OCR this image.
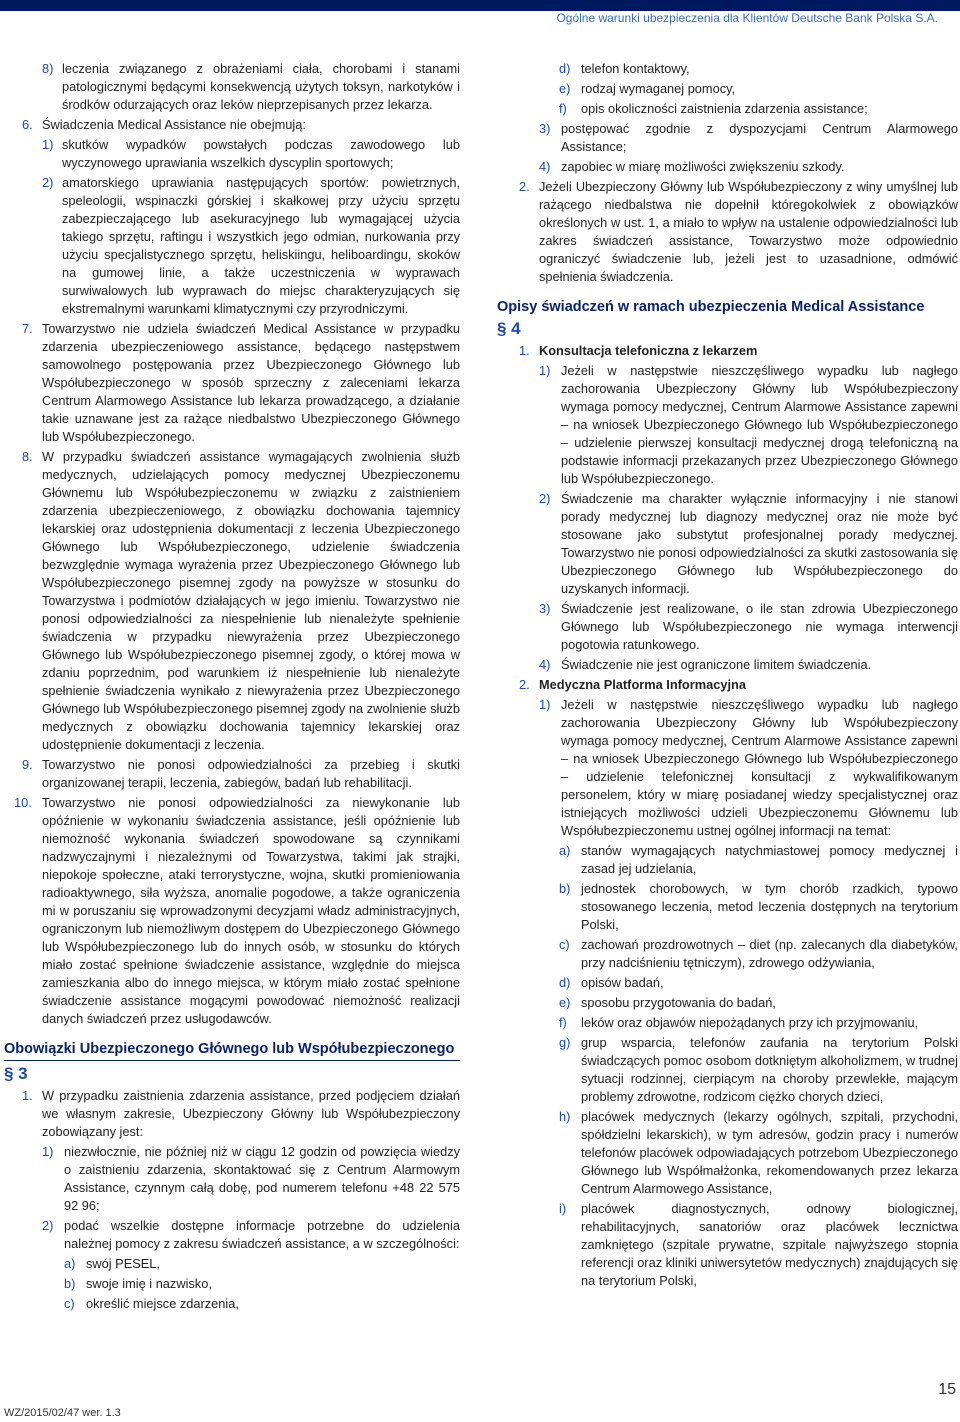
Ogólne warunki ubezpieczenia dla Klientów Deutsche Bank Polska S.A.
8) leczenia związanego z obrażeniami ciała, chorobami i stanami patologicznymi będącymi konsekwencją użytych toksyn, narkotyków i środków odurzających oraz leków nieprzepisanych przez lekarza.
6. Świadczenia Medical Assistance nie obejmują:
1) skutków wypadków powstałych podczas zawodowego lub wyczynowego uprawiania wszelkich dyscyplin sportowych;
2) amatorskiego uprawiania następujących sportów: powietrznych, speleologii, wspinaczki górskiej i skałkowej przy użyciu sprzętu zabezpieczającego lub asekuracyjnego lub wymagającej użycia takiego sprzętu, raftingu i wszystkich jego odmian, nurkowania przy użyciu specjalistycznego sprzętu, heliskiingu, heliboardingu, skoków na gumowej linie, a także uczestniczenia w wyprawach surwiwalowych lub wyprawach do miejsc charakteryzujących się ekstremalnymi warunkami klimatycznymi czy przyrodniczymi.
7. Towarzystwo nie udziela świadczeń Medical Assistance w przypadku zdarzenia ubezpieczeniowego assistance, będącego następstwem samowolnego postępowania przez Ubezpieczonego Głównego lub Współubezpieczonego w sposób sprzeczny z zaleceniami lekarza Centrum Alarmowego Assistance lub lekarza prowadzącego, a działanie takie uznawane jest za rażące niedbalstwo Ubezpieczonego Głównego lub Współubezpieczonego.
8. W przypadku świadczeń assistance wymagających zwolnienia służb medycznych, udzielających pomocy medycznej Ubezpieczonemu Głównemu lub Współubezpieczonemu w związku z zaistnieniem zdarzenia ubezpieczeniowego, z obowiązku dochowania tajemnicy lekarskiej oraz udostępnienia dokumentacji z leczenia Ubezpieczonego Głównego lub Współubezpieczonego, udzielenie świadczenia bezwzględnie wymaga wyrażenia przez Ubezpieczonego Głównego lub Współubezpieczonego pisemnej zgody na powyższe w stosunku do Towarzystwa i podmiotów działających w jego imieniu. Towarzystwo nie ponosi odpowiedzialności za niespełnienie lub nienależyte spełnienie świadczenia w przypadku niewyrażenia przez Ubezpieczonego Głównego lub Współubezpieczonego pisemnej zgody, o której mowa w zdaniu poprzednim, pod warunkiem iż niespełnienie lub nienależyte spełnienie świadczenia wynikało z niewyrażenia przez Ubezpieczonego Głównego lub Współubezpieczonego pisemnej zgody na zwolnienie służb medycznych z obowiązku dochowania tajemnicy lekarskiej oraz udostępnienie dokumentacji z leczenia.
9. Towarzystwo nie ponosi odpowiedzialności za przebieg i skutki organizowanej terapii, leczenia, zabiegów, badań lub rehabilitacji.
10. Towarzystwo nie ponosi odpowiedzialności za niewykonanie lub opóźnienie w wykonaniu świadczenia assistance, jeśli opóźnienie lub niemożność wykonania świadczeń spowodowane są czynnikami nadzwyczajnymi i niezależnymi od Towarzystwa, takimi jak strajki, niepokoje społeczne, ataki terrorystyczne, wojna, skutki promieniowania radioaktywnego, siła wyższa, anomalie pogodowe, a także ograniczenia mi w poruszaniu się wprowadzonymi decyzjami władz administracyjnych, ograniczonym lub niemożliwym dostępem do Ubezpieczonego Głównego lub Współubezpieczonego lub do innych osób, w stosunku do których miało zostać spełnione świadczenie assistance, względnie do miejsca zamieszkania albo do innego miejsca, w którym miało zostać spełnione świadczenie assistance mogącymi powodować niemożność realizacji danych świadczeń przez usługodawców.
Obowiązki Ubezpieczonego Głównego lub Współubezpieczonego
§ 3
1. W przypadku zaistnienia zdarzenia assistance, przed podjęciem działań we własnym zakresie, Ubezpieczony Główny lub Współubezpieczony zobowiązany jest:
1) niezwłocznie, nie później niż w ciągu 12 godzin od powzięcia wiedzy o zaistnieniu zdarzenia, skontaktować się z Centrum Alarmowym Assistance, czynnym całą dobę, pod numerem telefonu +48 22 575 92 96;
2) podać wszelkie dostępne informacje potrzebne do udzielenia należnej pomocy z zakresu świadczeń assistance, a w szczególności:
a) swój PESEL,
b) swoje imię i nazwisko,
c) określić miejsce zdarzenia,
d) telefon kontaktowy,
e) rodzaj wymaganej pomocy,
f)	opis okoliczności zaistnienia zdarzenia assistance;
3) postępować zgodnie z dyspozycjami Centrum Alarmowego Assistance;
4) zapobiec w miarę możliwości zwiększeniu szkody.
2. Jeżeli Ubezpieczony Główny lub Współubezpieczony z winy umyślnej lub rażącego niedbalstwa nie dopełnił któregokolwiek z obowiązków określonych w ust. 1, a miało to wpływ na ustalenie odpowiedzialności lub zakres świadczeń assistance, Towarzystwo może odpowiednio ograniczyć świadczenie lub, jeżeli jest to uzasadnione, odmówić spełnienia świadczenia.
Opisy świadczeń w ramach ubezpieczenia Medical Assistance
§ 4
1. Konsultacja telefoniczna z lekarzem
1) Jeżeli w następstwie nieszczęśliwego wypadku lub nagłego zachorowania Ubezpieczony Główny lub Współubezpieczony wymaga pomocy medycznej, Centrum Alarmowe Assistance zapewni – na wniosek Ubezpieczonego Głównego lub Współubezpieczonego – udzielenie pierwszej konsultacji medycznej drogą telefoniczną na podstawie informacji przekazanych przez Ubezpieczonego Głównego lub Współubezpieczonego.
2) Świadczenie ma charakter wyłącznie informacyjny i nie stanowi porady medycznej lub diagnozy medycznej oraz nie może być stosowane jako substytut profesjonalnej porady medycznej. Towarzystwo nie ponosi odpowiedzialności za skutki zastosowania się Ubezpieczonego Głównego lub Współubezpieczonego do uzyskanych informacji.
3) Świadczenie jest realizowane, o ile stan zdrowia Ubezpieczonego Głównego lub Współubezpieczonego nie wymaga interwencji pogotowia ratunkowego.
4) Świadczenie nie jest ograniczone limitem świadczenia.
2. Medyczna Platforma Informacyjna
1) Jeżeli w następstwie nieszczęśliwego wypadku lub nagłego zachorowania Ubezpieczony Główny lub Współubezpieczony wymaga pomocy medycznej, Centrum Alarmowe Assistance zapewni – na wniosek Ubezpieczonego Głównego lub Współubezpieczonego – udzielenie telefonicznej konsultacji z wykwalifikowanym personelem, który w miarę posiadanej wiedzy specjalistycznej oraz istniejących możliwości udzieli Ubezpieczonemu Głównemu lub Współubezpieczonemu ustnej ogólnej informacji na temat:
a) stanów wymagających natychmiastowej pomocy medycznej i zasad jej udzielania,
b) jednostek chorobowych, w tym chorób rzadkich, typowo stosowanego leczenia, metod leczenia dostępnych na terytorium Polski,
c) zachowań prozdrowotnych – diet (np. zalecanych dla diabetyków, przy nadciśnieniu tętniczym), zdrowego odżywiania,
d) opisów badań,
e) sposobu przygotowania do badań,
f)	leków oraz objawów niepożądanych przy ich przyjmowaniu,
g) grup wsparcia, telefonów zaufania na terytorium Polski świadczących pomoc osobom dotkniętym alkoholizmem, w trudnej sytuacji rodzinnej, cierpiącym na choroby przewlekłe, mającym problemy zdrowotne, rodzicom ciężko chorych dzieci,
h) placówek medycznych (lekarzy ogólnych, szpitali, przychodni, spółdzielni lekarskich), w tym adresów, godzin pracy i numerów telefonów placówek odpowiadających potrzebom Ubezpieczonego Głównego lub Współmałżonka, rekomendowanych przez lekarza Centrum Alarmowego Assistance,
i)	placówek diagnostycznych, odnowy biologicznej, rehabilitacyjnych, sanatoriów oraz placówek lecznictwa zamkniętego (szpitale prywatne, szpitale najwyższego stopnia referencji oraz kliniki uniwersytetów medycznych) znajdujących się na terytorium Polski,
WZ/2015/02/47 wer. 1.3
15
